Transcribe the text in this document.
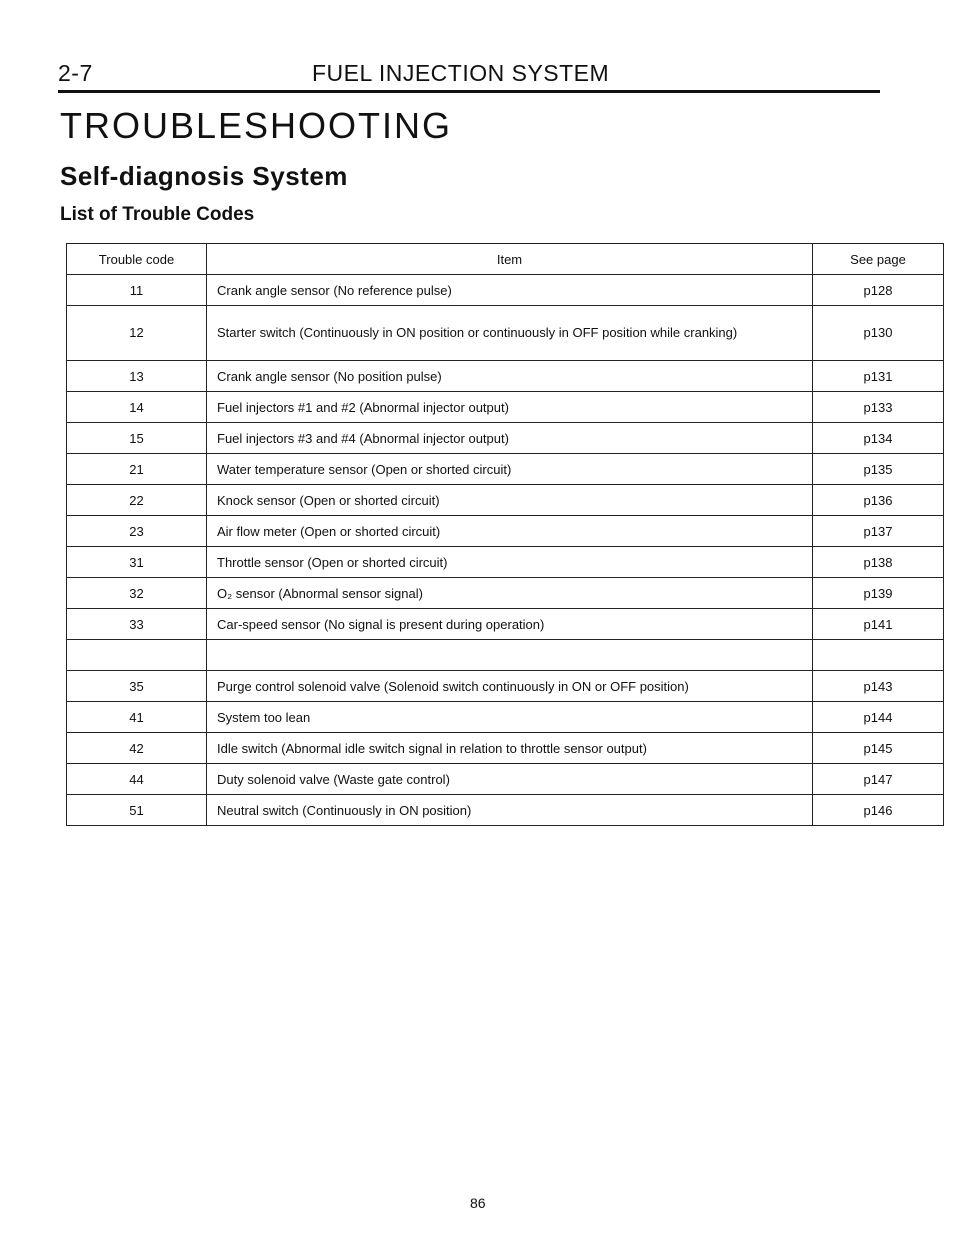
2-7	FUEL INJECTION SYSTEM
TROUBLESHOOTING
Self-diagnosis System
List of Trouble Codes
Trouble code	Item	See page
11	Crank angle sensor (No reference pulse)	p128
12	Starter switch (Continuously in ON position or continuously in OFF position while cranking)	p130
13	Crank angle sensor (No position pulse)	p131
14	Fuel injectors #1 and #2 (Abnormal injector output)	p133
15	Fuel injectors #3 and #4 (Abnormal injector output)	p134
21	Water temperature sensor (Open or shorted circuit)	p135
22	Knock sensor (Open or shorted circuit)	p136
23	Air flow meter (Open or shorted circuit)	p137
31	Throttle sensor (Open or shorted circuit)	p138
32	O₂ sensor (Abnormal sensor signal)	p139
33	Car-speed sensor (No signal is present during operation)	p141

35	Purge control solenoid valve (Solenoid switch continuously in ON or OFF position)	p143
41	System too lean	p144
42	Idle switch (Abnormal idle switch signal in relation to throttle sensor output)	p145
44	Duty solenoid valve (Waste gate control)	p147
51	Neutral switch (Continuously in ON position)	p146
86
